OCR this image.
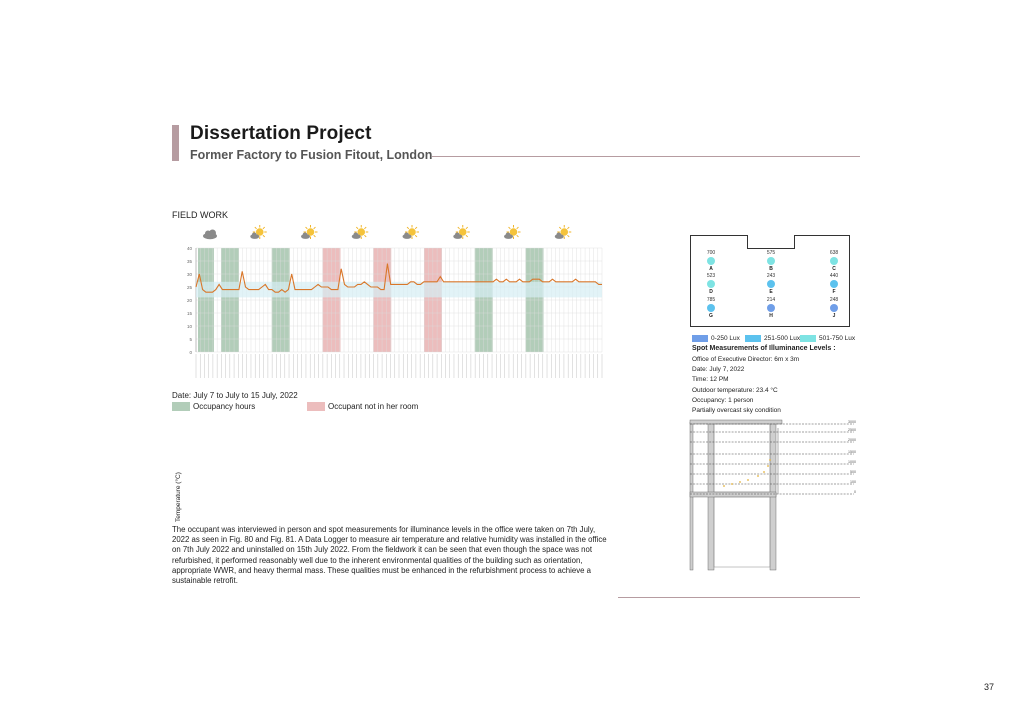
Dissertation Project
Former Factory to Fusion Fitout, London
FIELD WORK
0
5
10
15
20
25
30
35
40
Temperature (°C)
Date: July 7 to July to 15 July, 2022
Occupancy hours	Occupant not in her room
The occupant was interviewed in person and spot measurements for illuminance levels in the office were taken on 7th July, 2022 as seen in Fig. 80 and Fig. 81. A Data Logger to measure air temperature and relative humidity was installed in the office on 7th July 2022 and uninstalled on 15th July 2022. From the fieldwork it can be seen that even though the space was not refurbished, it performed reasonably well due to the inherent environmental qualities of the building such as orientation, appropriate WWR, and heavy thermal mass. These qualities must be enhanced in the refurbishment process to achieve a sustainable retrofit.
37
700
A
575
B
638
C
523
D
243
E
440
F
785
G
214
H
248
J
0-250 Lux	251-500 Lux	501-750 Lux
Spot Measurements of Illuminance Levels :
Office of Executive Director: 6m x 3m
Date: July 7, 2022
Time: 12 PM
Outdoor temperature: 23.4 °C
Occupancy: 1 person
Partially overcast sky condition
3000
2500
2000
1500
1000
500
100
0
